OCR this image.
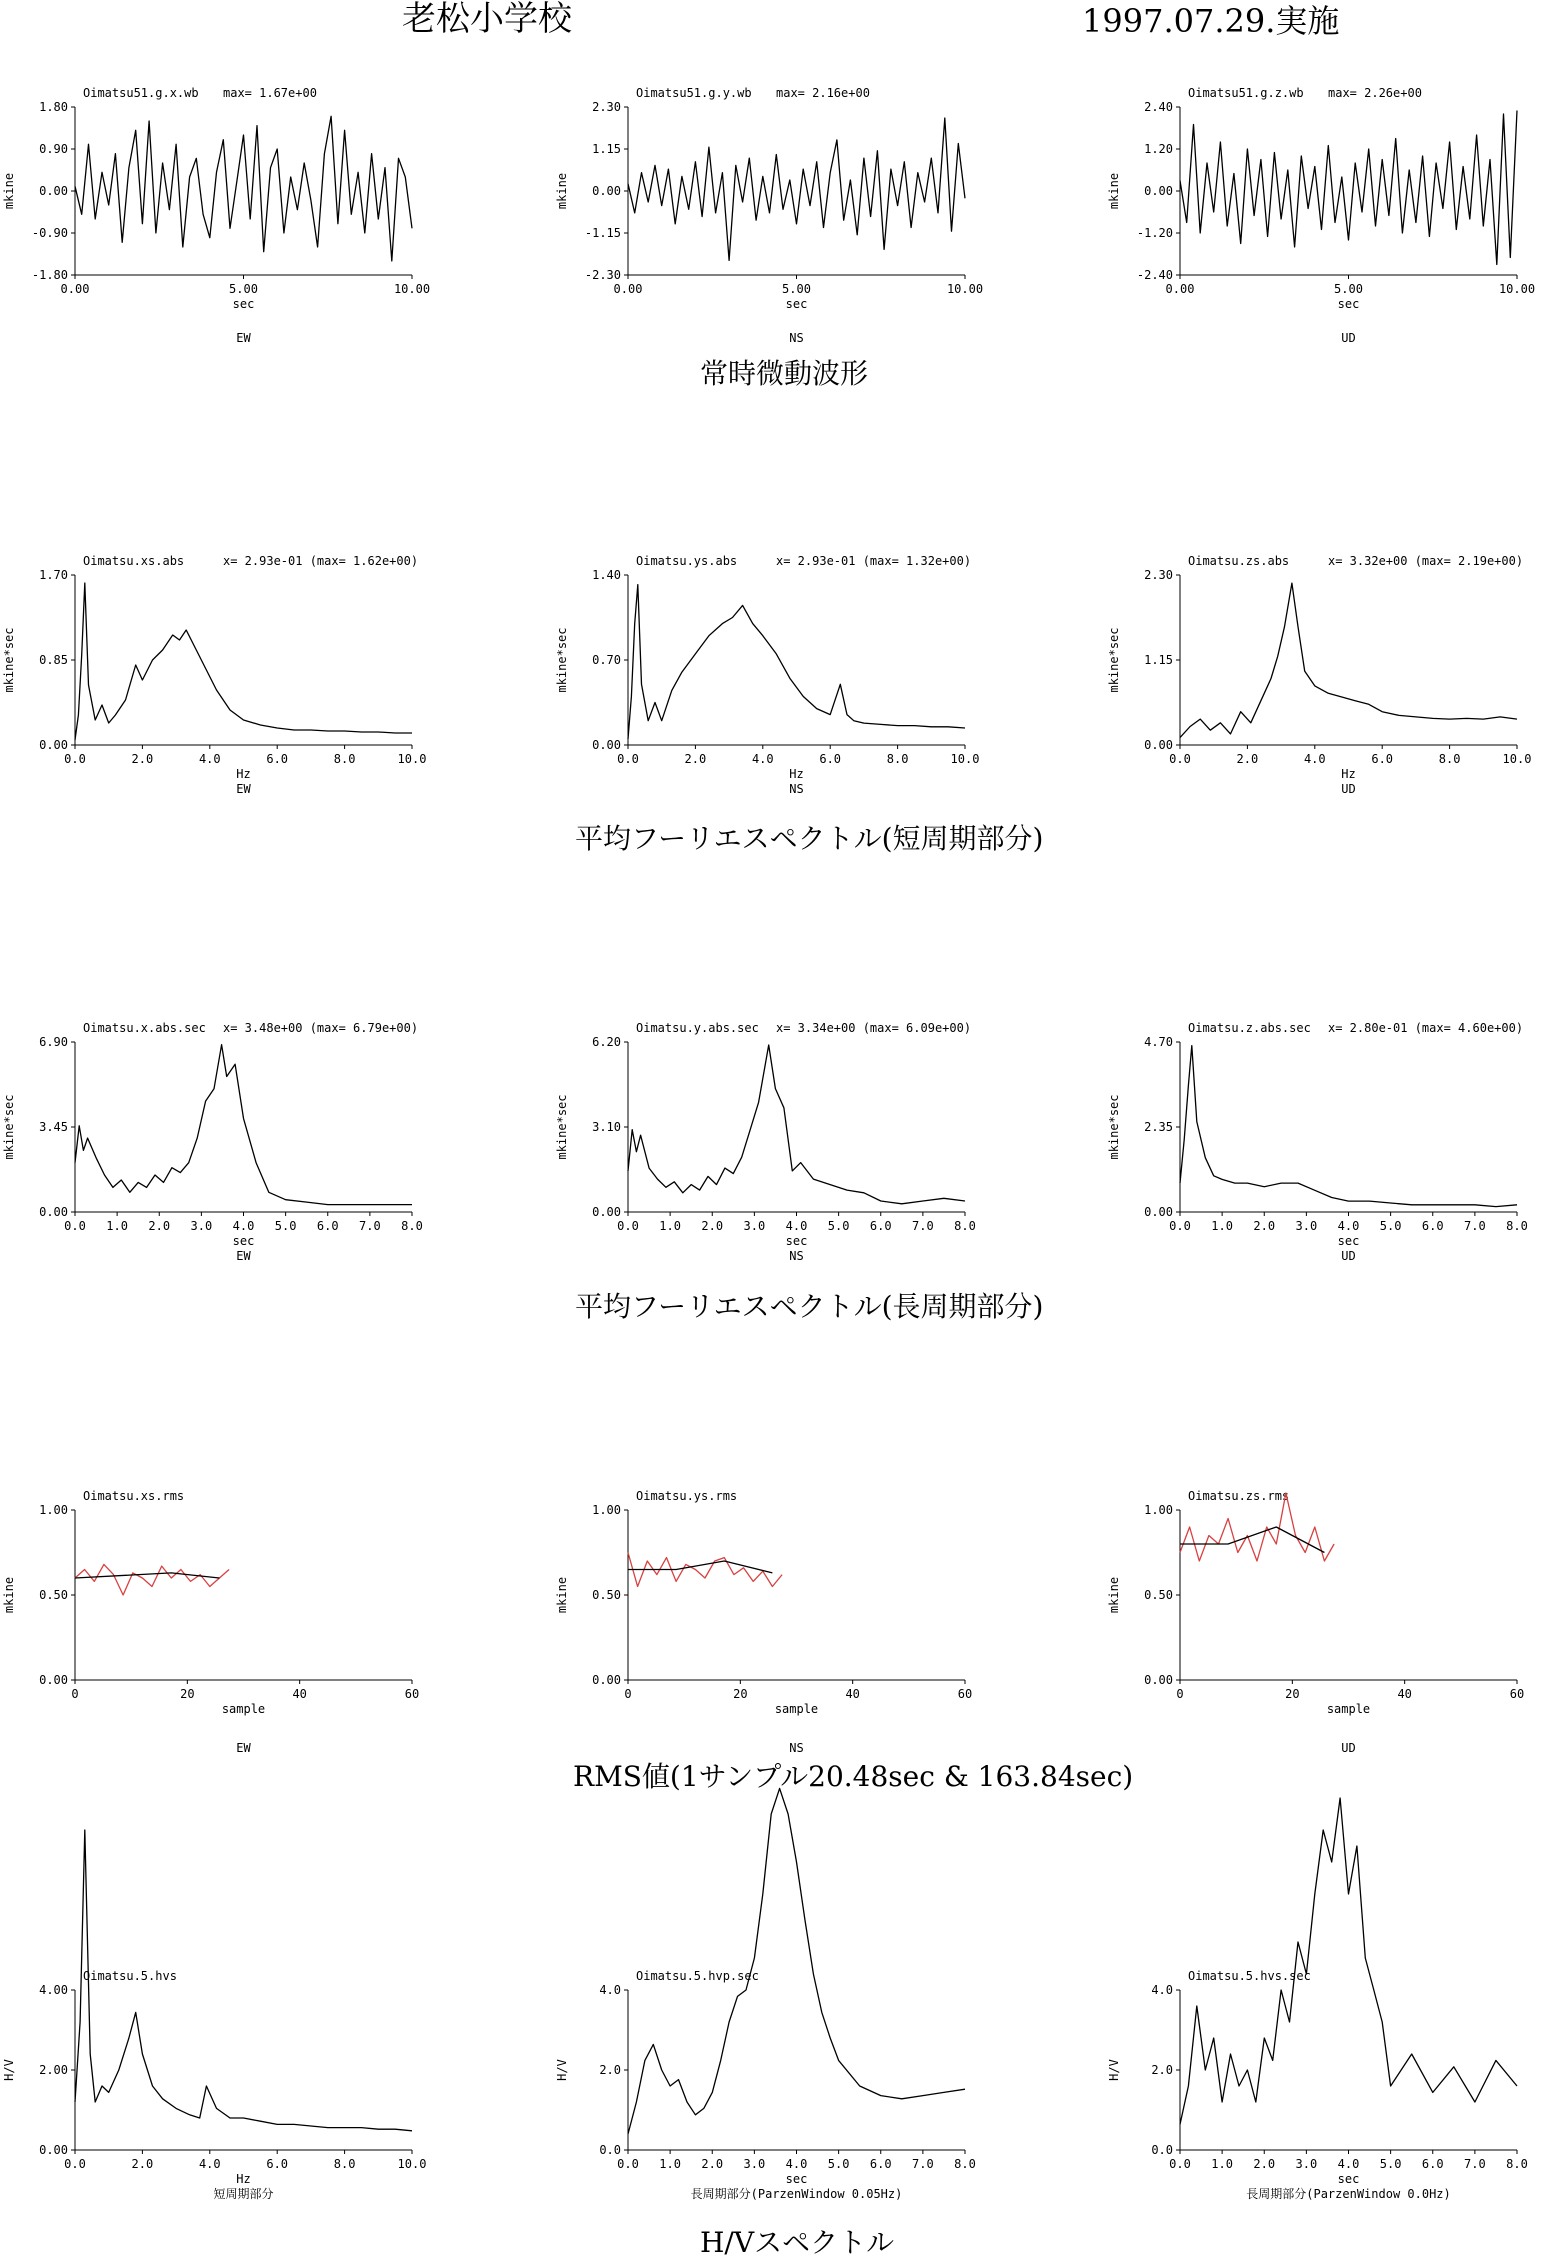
老松小学校	1997.07.29.実施
常時微動波形
平均フーリエスペクトル(短周期部分)
平均フーリエスペクトル(長周期部分)
RMS値(1サンプル20.48sec & 163.84sec)
H/Vスペクトル
Oimatsu51.g.x.wb max= 1.67e+00
-1.80
-0.90
0.00
0.90
1.80
0.00	5.00	10.00
mkine
sec
EW
Oimatsu51.g.y.wb max= 2.16e+00
-2.30
-1.15
0.00
1.15
2.30
0.00	5.00	10.00
mkine
sec
NS
Oimatsu51.g.z.wb max= 2.26e+00
-2.40
-1.20
0.00
1.20
2.40
0.00	5.00	10.00
mkine
sec
UD
Oimatsu.xs.abs	x= 2.93e-01 (max= 1.62e+00)
0.00
0.85
1.70
0.0	2.0	4.0	6.0	8.0	10.0
mkine*sec
Hz
EW
Oimatsu.ys.abs	x= 2.93e-01 (max= 1.32e+00)
0.00
0.70
1.40
0.0	2.0	4.0	6.0	8.0	10.0
mkine*sec
Hz
NS
Oimatsu.zs.abs	x= 3.32e+00 (max= 2.19e+00)
0.00
1.15
2.30
0.0	2.0	4.0	6.0	8.0	10.0
mkine*sec
Hz
UD
Oimatsu.x.abs.sec x= 3.48e+00 (max= 6.79e+00)
0.00
3.45
6.90
0.0 1.0 2.0 3.0 4.0 5.0 6.0 7.0 8.0
mkine*sec
sec
EW
Oimatsu.y.abs.sec x= 3.34e+00 (max= 6.09e+00)
0.00
3.10
6.20
0.0 1.0 2.0 3.0 4.0 5.0 6.0 7.0 8.0
mkine*sec
sec
NS
Oimatsu.z.abs.sec x= 2.80e-01 (max= 4.60e+00)
0.00
2.35
4.70
0.0 1.0 2.0 3.0 4.0 5.0 6.0 7.0 8.0
mkine*sec
sec
UD
Oimatsu.xs.rms
0.00
0.50
1.00
0	20	40	60
mkine
sample
EW
Oimatsu.ys.rms
0.00
0.50
1.00
0	20	40	60
mkine
sample
NS
Oimatsu.zs.rms
0.00
0.50
1.00
0	20	40	60
mkine
sample
UD
Oimatsu.5.hvs
0.00
2.00
4.00
0.0	2.0	4.0	6.0	8.0	10.0
H/V
Hz
短周期部分
Oimatsu.5.hvp.sec
0.0
2.0
4.0
0.0 1.0 2.0 3.0 4.0 5.0 6.0 7.0 8.0
H/V
sec
長周期部分(ParzenWindow 0.05Hz)
Oimatsu.5.hvs.sec
0.0
2.0
4.0
0.0 1.0 2.0 3.0 4.0 5.0 6.0 7.0 8.0
H/V
sec
長周期部分(ParzenWindow 0.0Hz)
